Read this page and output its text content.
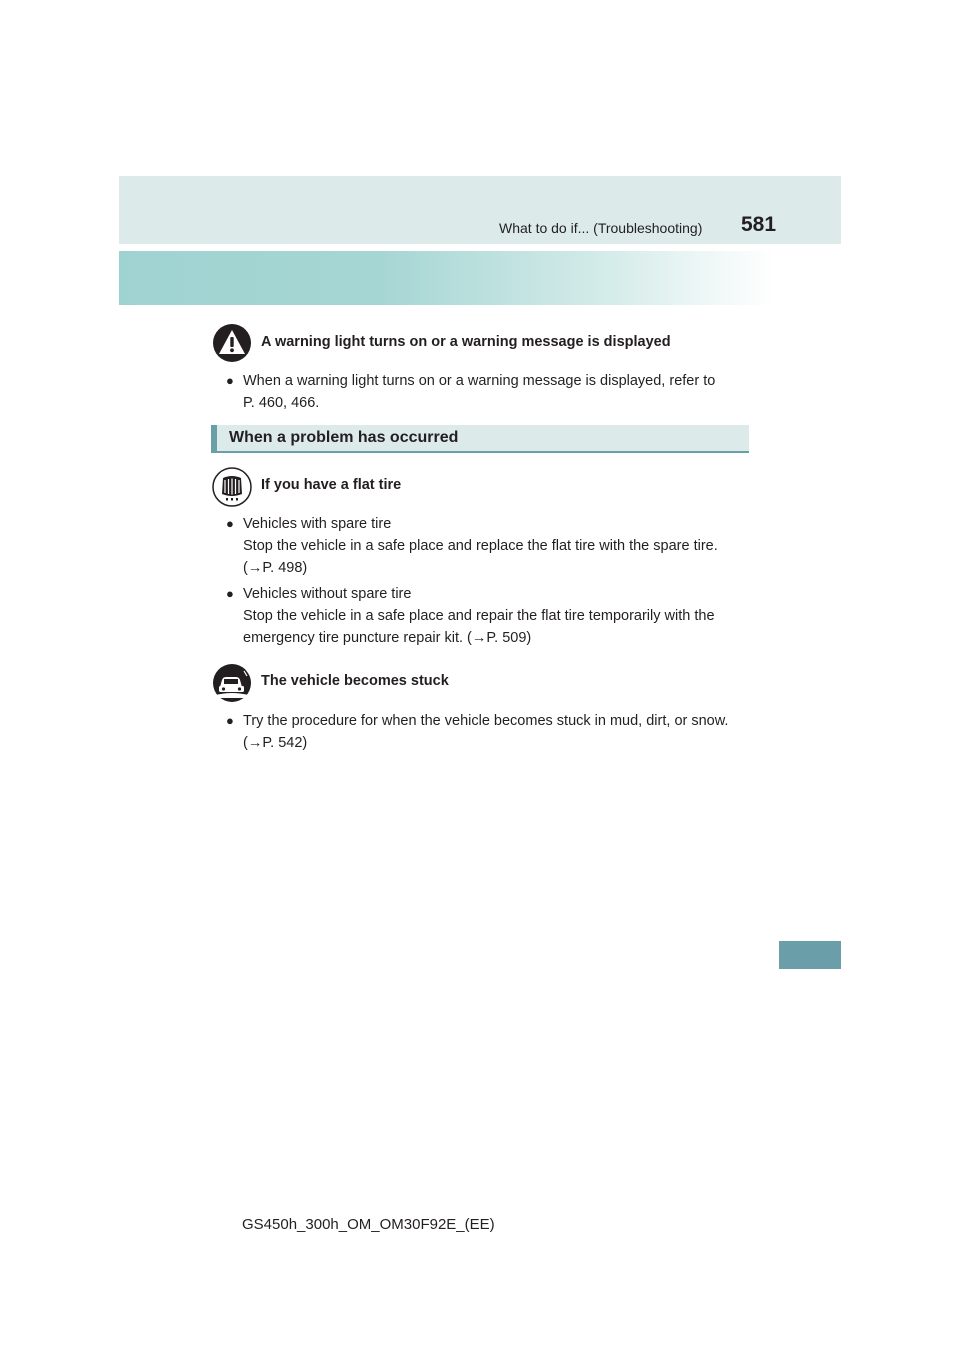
What to do if... (Troubleshooting) 581
A warning light turns on or a warning message is displayed
● When a warning light turns on or a warning message is displayed, refer to

P. 460, 466.

When a problem has occurred
If you have a flat tire
● Vehicles with spare tire

Stop the vehicle in a safe place and replace the flat tire with the spare tire.

(→P. 498)

● Vehicles without spare tire

Stop the vehicle in a safe place and repair the flat tire temporarily with the

emergency tire puncture repair kit. (→P. 509)

The vehicle becomes stuck
● Try the procedure for when the vehicle becomes stuck in mud, dirt, or snow.

(→P. 542)

GS450h_300h_OM_OM30F92E_(EE)
